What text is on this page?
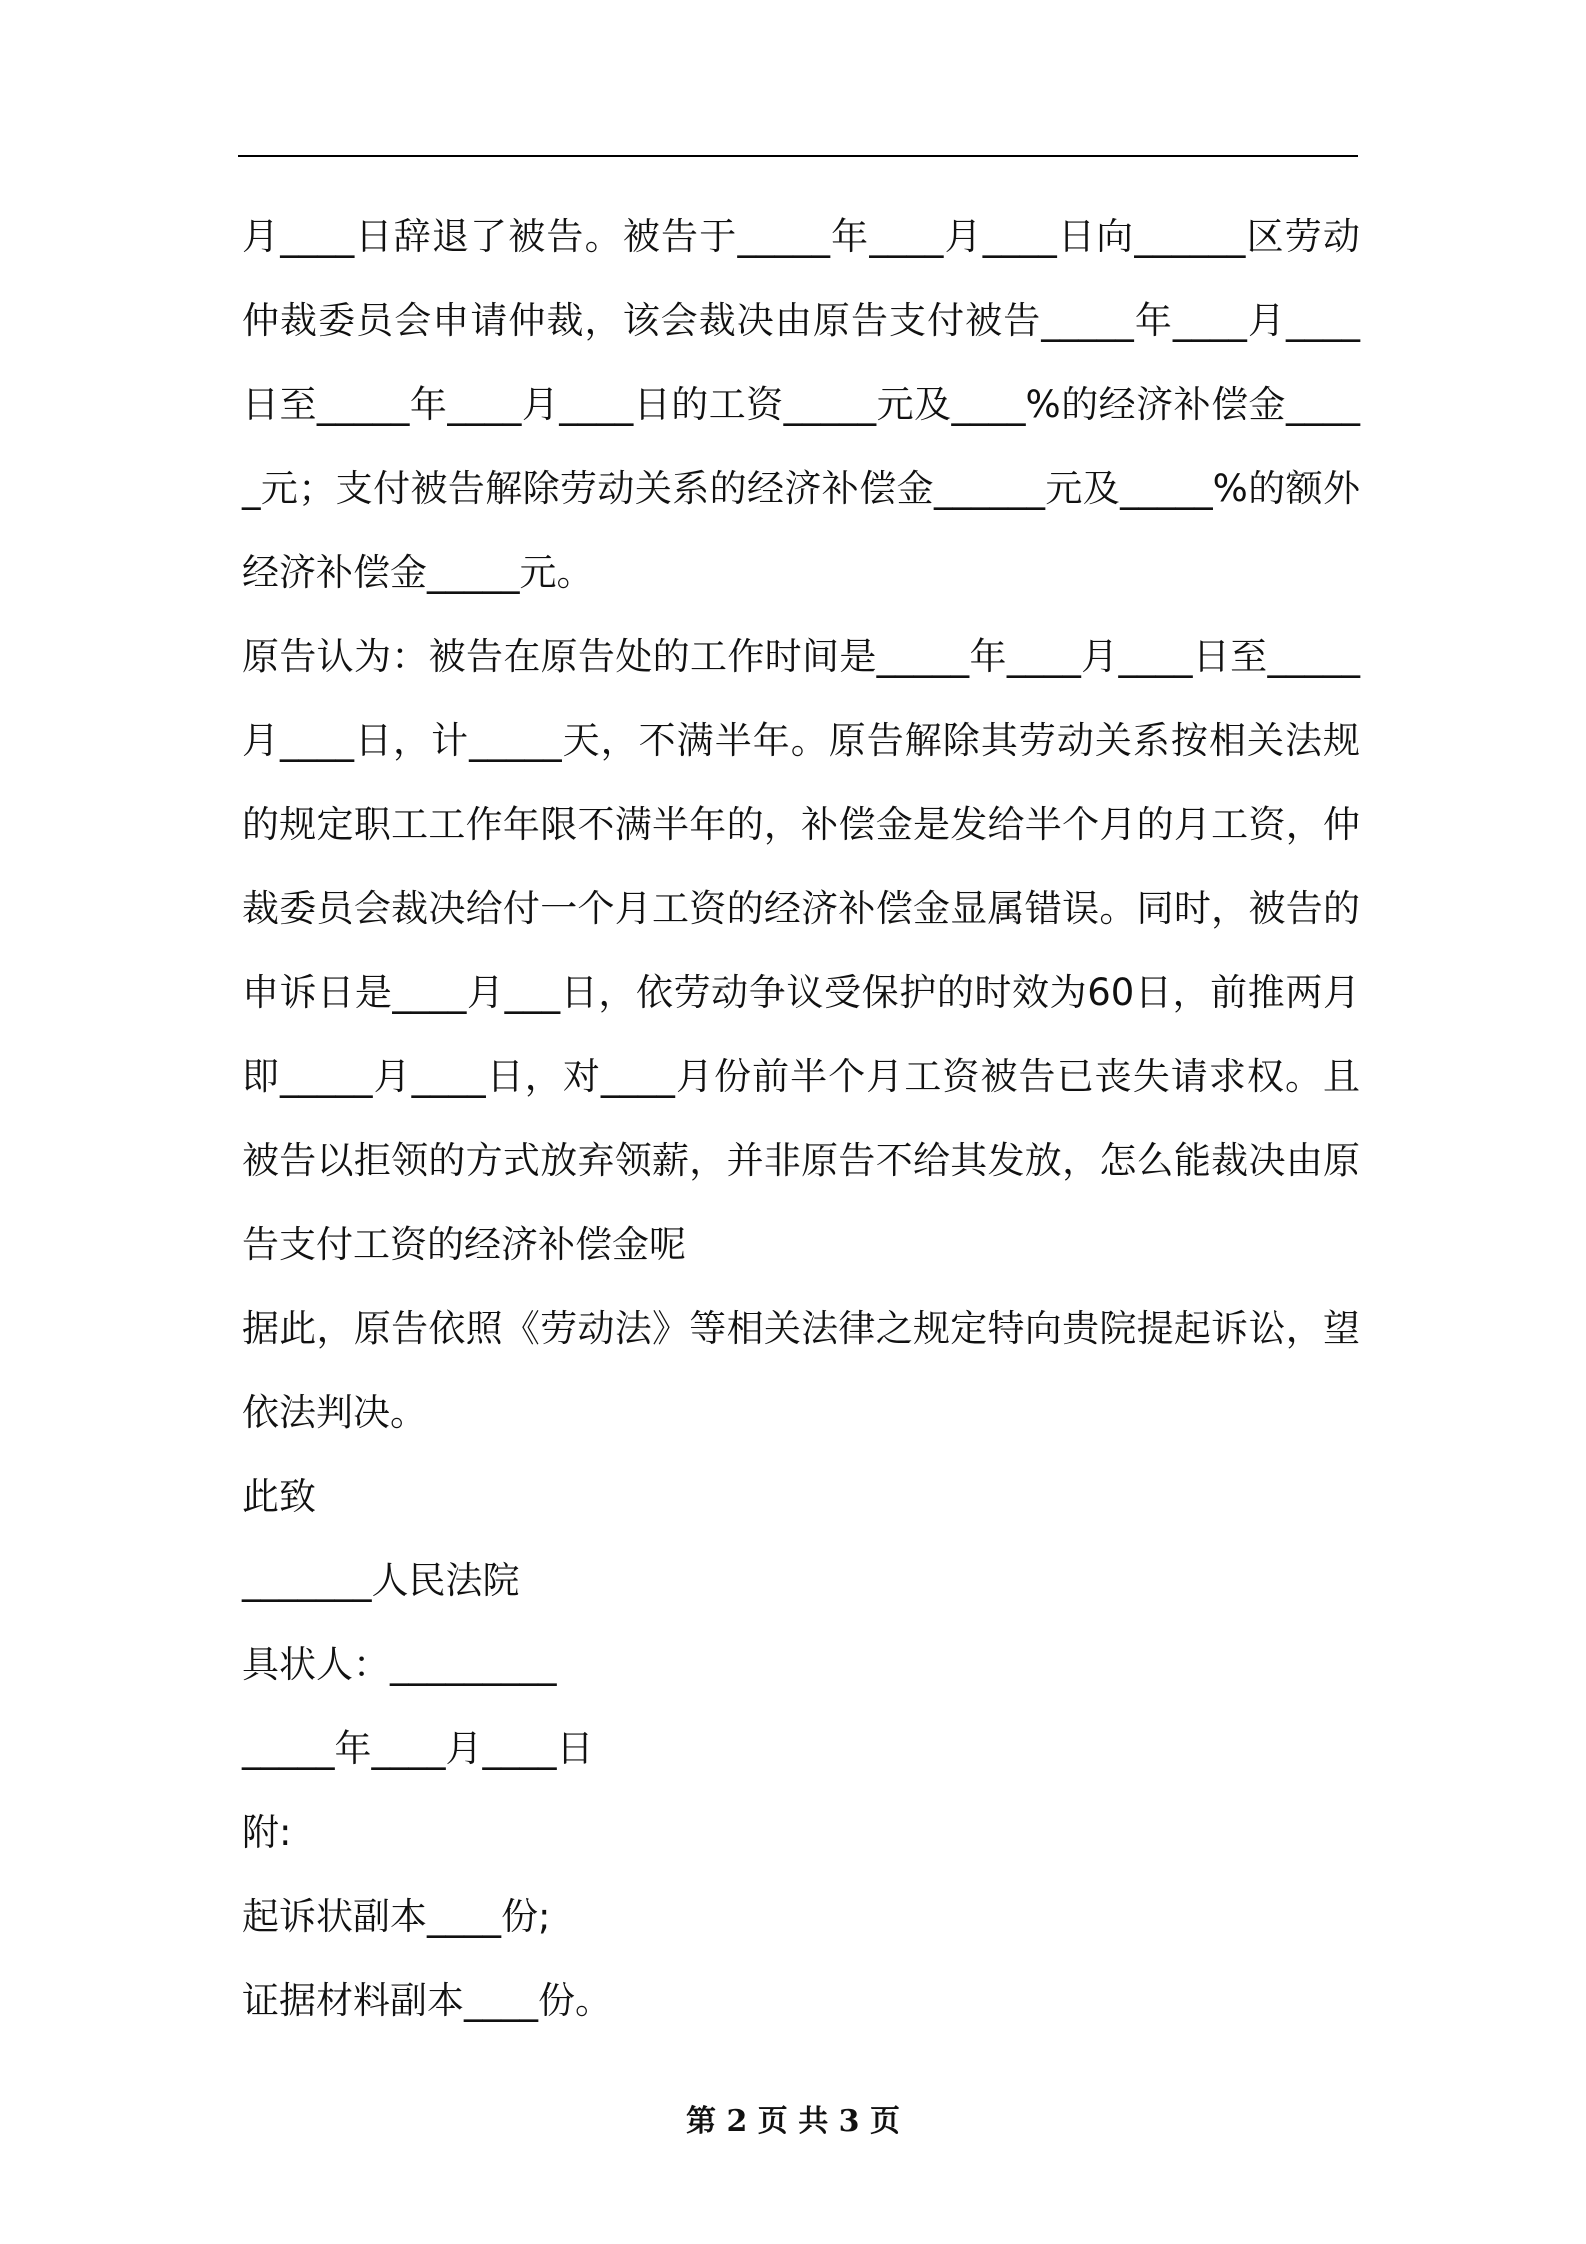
月____日辞退了被告。被告于_____年____月____日向______区劳动仲裁委员会申请仲裁，该会裁决由原告支付被告_____年____月____日至_____年____月____日的工资_____元及____%的经济补偿金_____元；支付被告解除劳动关系的经济补偿金______元及_____%的额外经济补偿金_____元。

原告认为：被告在原告处的工作时间是_____年____月____日至_____月____日，计_____天，不满半年。原告解除其劳动关系按相关法规的规定职工工作年限不满半年的，补偿金是发给半个月的月工资，仲裁委员会裁决给付一个月工资的经济补偿金显属错误。同时，被告的申诉日是____月___日，依劳动争议受保护的时效为60日，前推两月即_____月____日，对____月份前半个月工资被告已丧失请求权。且被告以拒领的方式放弃领薪，并非原告不给其发放，怎么能裁决由原告支付工资的经济补偿金呢

据此，原告依照《劳动法》等相关法律之规定特向贵院提起诉讼，望依法判决。

此致

_______人民法院

具状人：_________

_____年____月____日

附:

起诉状副本____份;

证据材料副本____份。

第 2 页 共 3 页
